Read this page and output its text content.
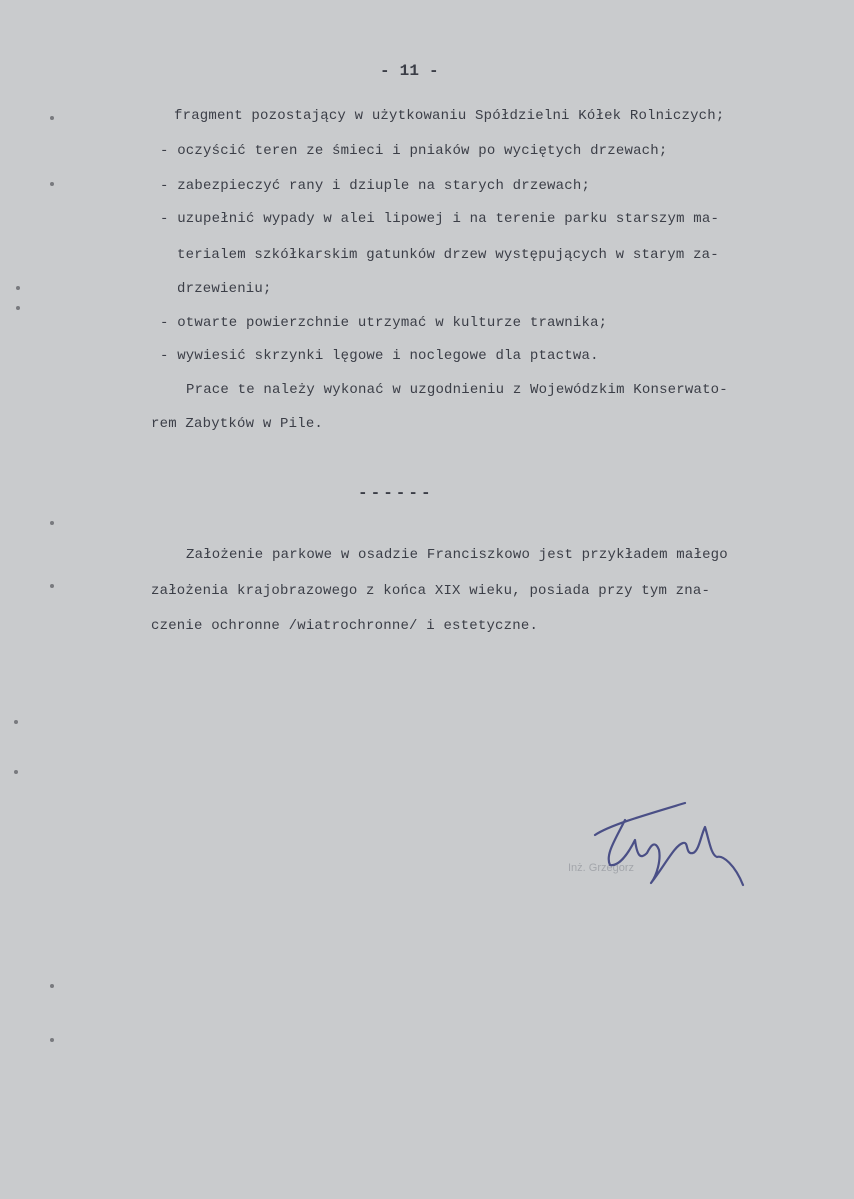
- 11 -
fragment pozostający w użytkowaniu Spółdzielni Kółek Rolniczych;
- oczyścić teren ze śmieci i pniaków po wyciętych drzewach;
- zabezpieczyć rany i dziuple na starych drzewach;
- uzupełnić wypady w alei lipowej i na terenie parku starszym ma-
terialem szkółkarskim gatunków drzew występujących w starym za-
drzewieniu;
- otwarte powierzchnie utrzymać w kulturze trawnika;
- wywiesić skrzynki lęgowe i noclegowe dla ptactwa.
Prace te należy wykonać w uzgodnieniu z Wojewódzkim Konserwato-
rem Zabytków w Pile.
------
Założenie parkowe w osadzie Franciszkowo jest przykładem małego
założenia krajobrazowego z końca XIX wieku, posiada przy tym zna-
czenie ochronne /wiatrochronne/ i estetyczne.
Inż. Grzegorz
